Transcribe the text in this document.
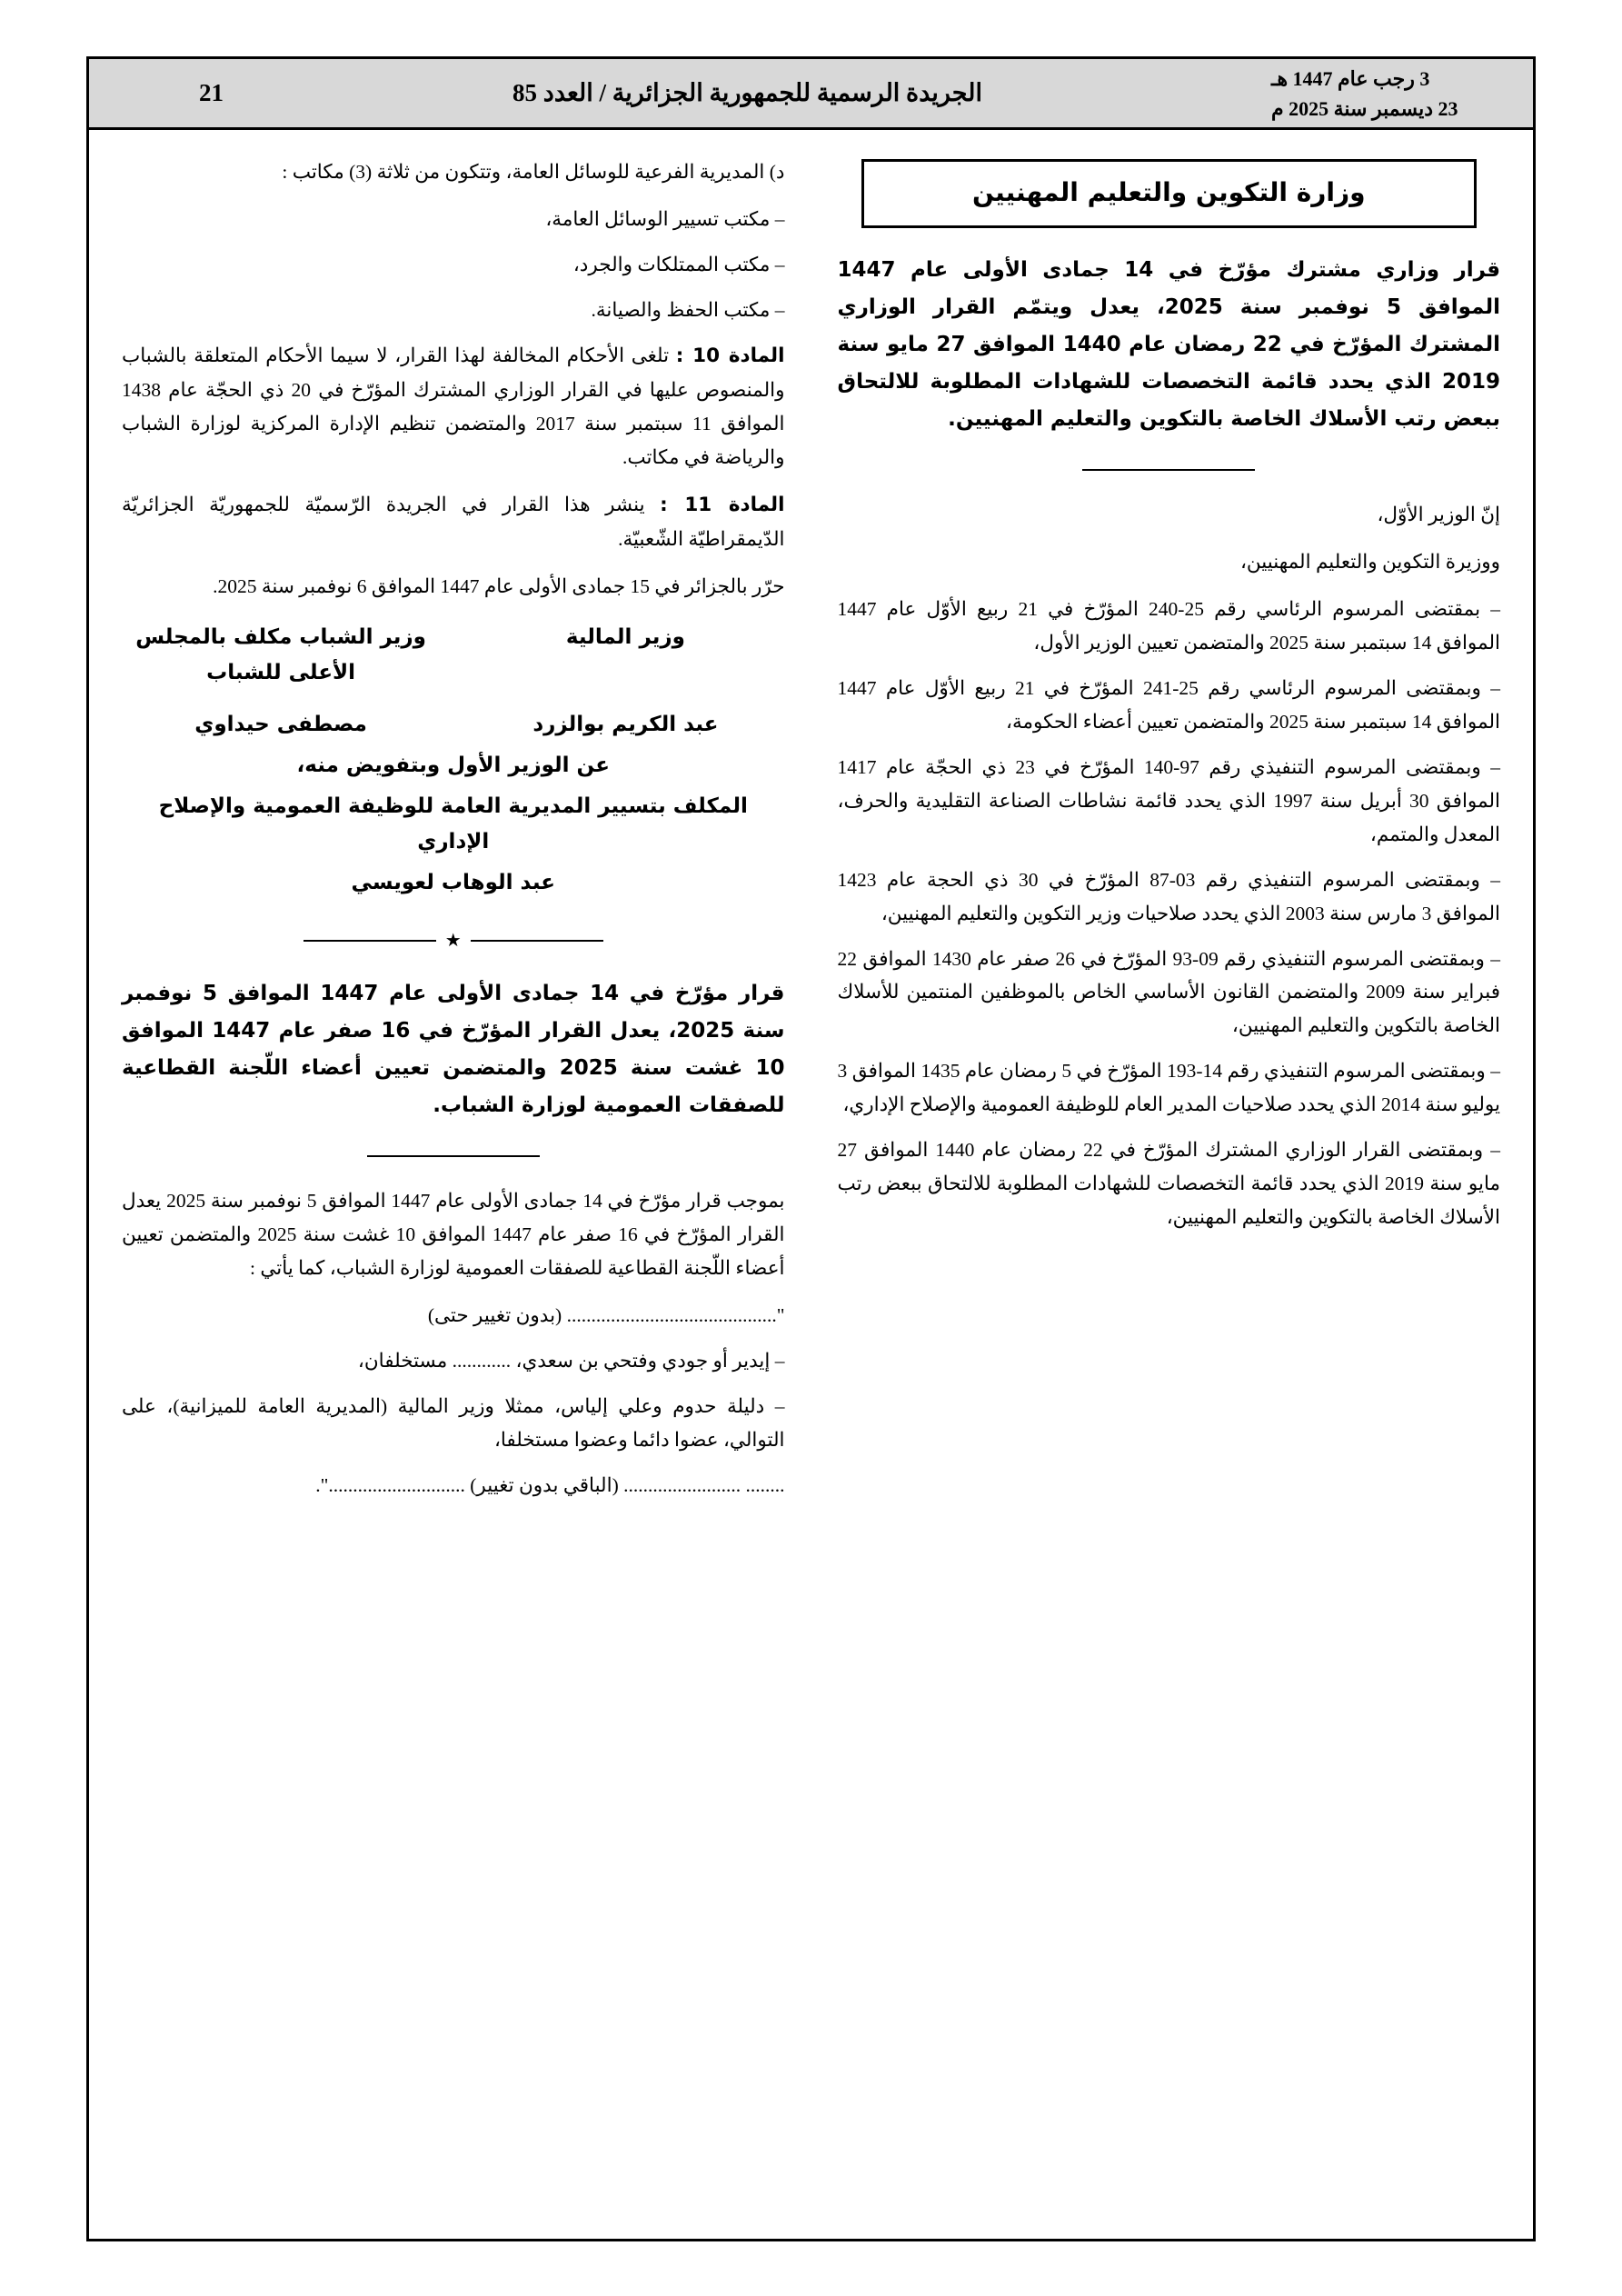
3 رجب عام 1447 هـ
23 ديسمبر سنة 2025 م
الجريدة الرسمية للجمهورية الجزائرية / العدد 85
21
وزارة التكوين والتعليم المهنيين
قرار وزاري مشترك مؤرّخ في 14 جمادى الأولى عام 1447 الموافق 5 نوفمبر سنة 2025، يعدل ويتمّم القرار الوزاري المشترك المؤرّخ في 22 رمضان عام 1440 الموافق 27 مايو سنة 2019 الذي يحدد قائمة التخصصات للشهادات المطلوبة للالتحاق ببعض رتب الأسلاك الخاصة بالتكوين والتعليم المهنيين.

إنّ الوزير الأوّل،

ووزيرة التكوين والتعليم المهنيين،

– بمقتضى المرسوم الرئاسي رقم 25-240 المؤرّخ في 21 ربيع الأوّل عام 1447 الموافق 14 سبتمبر سنة 2025 والمتضمن تعيين الوزير الأول،

– وبمقتضى المرسوم الرئاسي رقم 25-241 المؤرّخ في 21 ربيع الأوّل عام 1447 الموافق 14 سبتمبر سنة 2025 والمتضمن تعيين أعضاء الحكومة،

– وبمقتضى المرسوم التنفيذي رقم 97-140 المؤرّخ في 23 ذي الحجّة عام 1417 الموافق 30 أبريل سنة 1997 الذي يحدد قائمة نشاطات الصناعة التقليدية والحرف، المعدل والمتمم،

– وبمقتضى المرسوم التنفيذي رقم 03-87 المؤرّخ في 30 ذي الحجة عام 1423 الموافق 3 مارس سنة 2003 الذي يحدد صلاحيات وزير التكوين والتعليم المهنيين،

– وبمقتضى المرسوم التنفيذي رقم 09-93 المؤرّخ في 26 صفر عام 1430 الموافق 22 فبراير سنة 2009 والمتضمن القانون الأساسي الخاص بالموظفين المنتمين للأسلاك الخاصة بالتكوين والتعليم المهنيين،

– وبمقتضى المرسوم التنفيذي رقم 14-193 المؤرّخ في 5 رمضان عام 1435 الموافق 3 يوليو سنة 2014 الذي يحدد صلاحيات المدير العام للوظيفة العمومية والإصلاح الإداري،

– وبمقتضى القرار الوزاري المشترك المؤرّخ في 22 رمضان عام 1440 الموافق 27 مايو سنة 2019 الذي يحدد قائمة التخصصات للشهادات المطلوبة للالتحاق ببعض رتب الأسلاك الخاصة بالتكوين والتعليم المهنيين،

د) المديرية الفرعية للوسائل العامة، وتتكون من ثلاثة (3) مكاتب :

– مكتب تسيير الوسائل العامة،

– مكتب الممتلكات والجرد،

– مكتب الحفظ والصيانة.

المادة 10 : تلغى الأحكام المخالفة لهذا القرار، لا سيما الأحكام المتعلقة بالشباب والمنصوص عليها في القرار الوزاري المشترك المؤرّخ في 20 ذي الحجّة عام 1438 الموافق 11 سبتمبر سنة 2017 والمتضمن تنظيم الإدارة المركزية لوزارة الشباب والرياضة في مكاتب.

المادة 11 : ينشر هذا القرار في الجريدة الرّسميّة للجمهوريّة الجزائريّة الدّيمقراطيّة الشّعبيّة.

حرّر بالجزائر في 15 جمادى الأولى عام 1447 الموافق 6 نوفمبر سنة 2025.

وزير المالية
وزير الشباب مكلف بالمجلس الأعلى للشباب
عبد الكريم بوالزرد
مصطفى حيداوي
عن الوزير الأول وبتفويض منه،
المكلف بتسيير المديرية العامة للوظيفة العمومية والإصلاح الإداري
عبد الوهاب لعويسي
★
قرار مؤرّخ في 14 جمادى الأولى عام 1447 الموافق 5 نوفمبر سنة 2025، يعدل القرار المؤرّخ في 16 صفر عام 1447 الموافق 10 غشت سنة 2025 والمتضمن تعيين أعضاء اللّجنة القطاعية للصفقات العمومية لوزارة الشباب.

بموجب قرار مؤرّخ في 14 جمادى الأولى عام 1447 الموافق 5 نوفمبر سنة 2025 يعدل القرار المؤرّخ في 16 صفر عام 1447 الموافق 10 غشت سنة 2025 والمتضمن تعيين أعضاء اللّجنة القطاعية للصفقات العمومية لوزارة الشباب، كما يأتي :

"........................................... (بدون تغيير حتى)

– إيدير أو جودي وفتحي بن سعدي، ............ مستخلفان،

– دليلة حدوم وعلي إلياس، ممثلا وزير المالية (المديرية العامة للميزانية)، على التوالي، عضوا دائما وعضوا مستخلفا،

........ ........................ (الباقي بدون تغيير) ............................".
